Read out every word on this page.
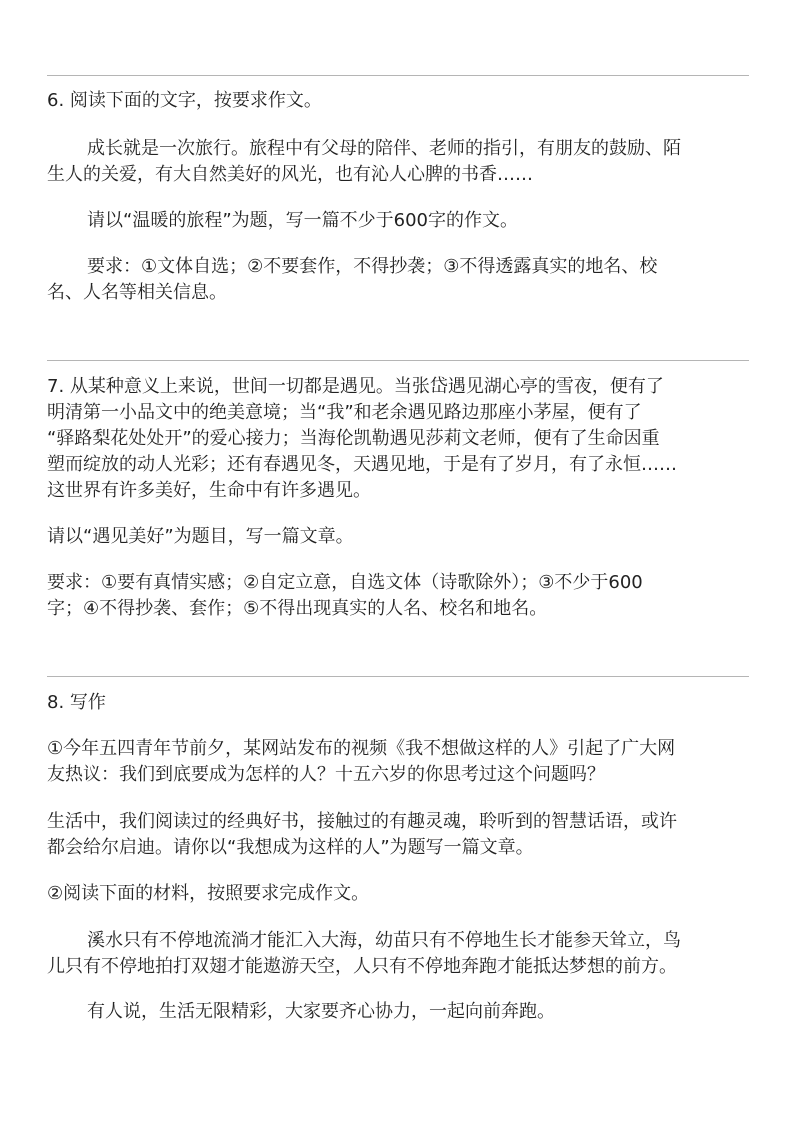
6. 阅读下面的文字，按要求作文。
成长就是一次旅行。旅程中有父母的陪伴、老师的指引，有朋友的鼓励、陌
生人的关爱，有大自然美好的风光，也有沁人心脾的书香……
请以“温暖的旅程”为题，写一篇不少于600字的作文。
要求：①文体自选；②不要套作，不得抄袭；③不得透露真实的地名、校
名、人名等相关信息。
7. 从某种意义上来说，世间一切都是遇见。当张岱遇见湖心亭的雪夜，便有了
明清第一小品文中的绝美意境；当“我”和老余遇见路边那座小茅屋，便有了
“驿路梨花处处开”的爱心接力；当海伦凯勒遇见莎莉文老师，便有了生命因重
塑而绽放的动人光彩；还有春遇见冬，天遇见地，于是有了岁月，有了永恒……
这世界有许多美好，生命中有许多遇见。
请以“遇见美好”为题目，写一篇文章。
要求：①要有真情实感；②自定立意，自选文体（诗歌除外）；③不少于600
字；④不得抄袭、套作；⑤不得出现真实的人名、校名和地名。
8. 写作
①今年五四青年节前夕，某网站发布的视频《我不想做这样的人》引起了广大网
友热议：我们到底要成为怎样的人？十五六岁的你思考过这个问题吗？
生活中，我们阅读过的经典好书，接触过的有趣灵魂，聆听到的智慧话语，或许
都会给尔启迪。请你以“我想成为这样的人”为题写一篇文章。
②阅读下面的材料，按照要求完成作文。
溪水只有不停地流淌才能汇入大海，幼苗只有不停地生长才能参天耸立，鸟
儿只有不停地拍打双翅才能遨游天空，人只有不停地奔跑才能抵达梦想的前方。
有人说，生活无限精彩，大家要齐心协力，一起向前奔跑。
